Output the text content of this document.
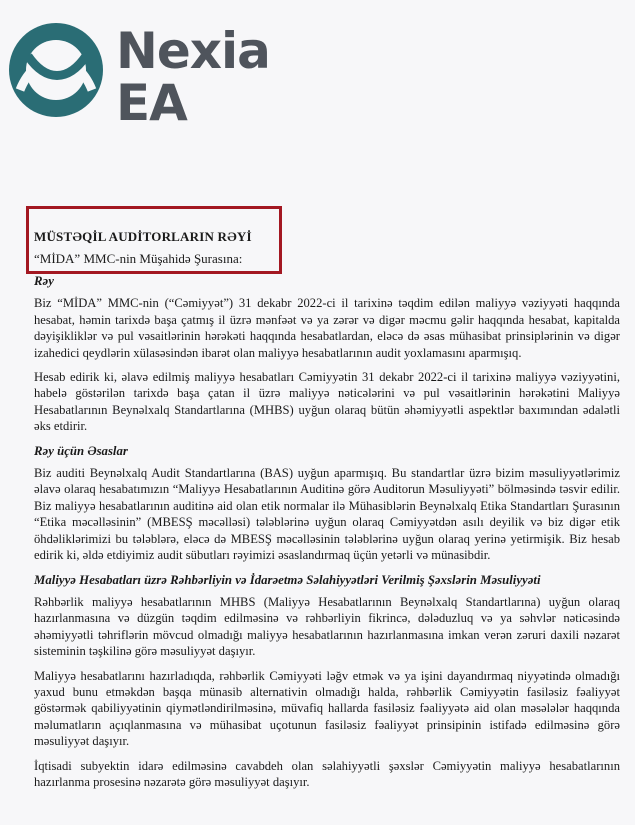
Nexia
EA
MÜSTƏQİL AUDİTORLARIN RƏYİ
“MİDA” MMC-nin Müşahidə Şurasına:
Rəy

Biz “MİDA” MMC-nin (“Cəmiyyət”) 31 dekabr 2022-ci il tarixinə təqdim edilən maliyyə vəziyyəti haqqında hesabat, həmin tarixdə başa çatmış il üzrə mənfəət və ya zərər və digər məcmu gəlir haqqında hesabat, kapitalda dəyişikliklər və pul vəsaitlərinin hərəkəti haqqında hesabatlardan, eləcə də əsas mühasibat prinsiplərinin və digər izahedici qeydlərin xülasəsindən ibarət olan maliyyə hesabatlarının audit yoxlamasını aparmışıq.

Hesab edirik ki, əlavə edilmiş maliyyə hesabatları Cəmiyyətin 31 dekabr 2022-ci il tarixinə maliyyə vəziyyətini, habelə göstərilən tarixdə başa çatan il üzrə maliyyə nəticələrini və pul vəsaitlərinin hərəkətini Maliyyə Hesabatlarının Beynəlxalq Standartlarına (MHBS) uyğun olaraq bütün əhəmiyyətli aspektlər baxımından ədalətli əks etdirir.

Rəy üçün Əsaslar

Biz auditi Beynəlxalq Audit Standartlarına (BAS) uyğun aparmışıq. Bu standartlar üzrə bizim məsuliyyətlərimiz əlavə olaraq hesabatımızın “Maliyyə Hesabatlarının Auditinə görə Auditorun Məsuliyyəti” bölməsində təsvir edilir. Biz maliyyə hesabatlarının auditinə aid olan etik normalar ilə Mühasiblərin Beynəlxalq Etika Standartları Şurasının “Etika məcəlləsinin” (MBESŞ məcəlləsi) tələblərinə uyğun olaraq Cəmiyyətdən asılı deyilik və biz digər etik öhdəliklərimizi bu tələblərə, eləcə də MBESŞ məcəlləsinin tələblərinə uyğun olaraq yerinə yetirmişik. Biz hesab edirik ki, əldə etdiyimiz audit sübutları rəyimizi əsaslandırmaq üçün yetərli və münasibdir.

Maliyyə Hesabatları üzrə Rəhbərliyin və İdarəetmə Səlahiyyətləri Verilmiş Şəxslərin Məsuliyyəti

Rəhbərlik maliyyə hesabatlarının MHBS (Maliyyə Hesabatlarının Beynəlxalq Standartlarına) uyğun olaraq hazırlanmasına və düzgün təqdim edilməsinə və rəhbərliyin fikrincə, dələduzluq və ya səhvlər nəticəsində əhəmiyyətli təhriflərin mövcud olmadığı maliyyə hesabatlarının hazırlanmasına imkan verən zəruri daxili nəzarət sisteminin təşkilinə görə məsuliyyət daşıyır.

Maliyyə hesabatlarını hazırladıqda, rəhbərlik Cəmiyyəti ləğv etmək və ya işini dayandırmaq niyyətində olmadığı yaxud bunu etməkdən başqa münasib alternativin olmadığı halda, rəhbərlik Cəmiyyətin fasiləsiz fəaliyyət göstərmək qabiliyyətinin qiymətləndirilməsinə, müvafiq hallarda fasiləsiz fəaliyyətə aid olan məsələlər haqqında məlumatların açıqlanmasına və mühasibat uçotunun fasiləsiz fəaliyyət prinsipinin istifadə edilməsinə görə məsuliyyət daşıyır.

İqtisadi subyektin idarə edilməsinə cavabdeh olan səlahiyyətli şəxslər Cəmiyyətin maliyyə hesabatlarının hazırlanma prosesinə nəzarətə görə məsuliyyət daşıyır.
